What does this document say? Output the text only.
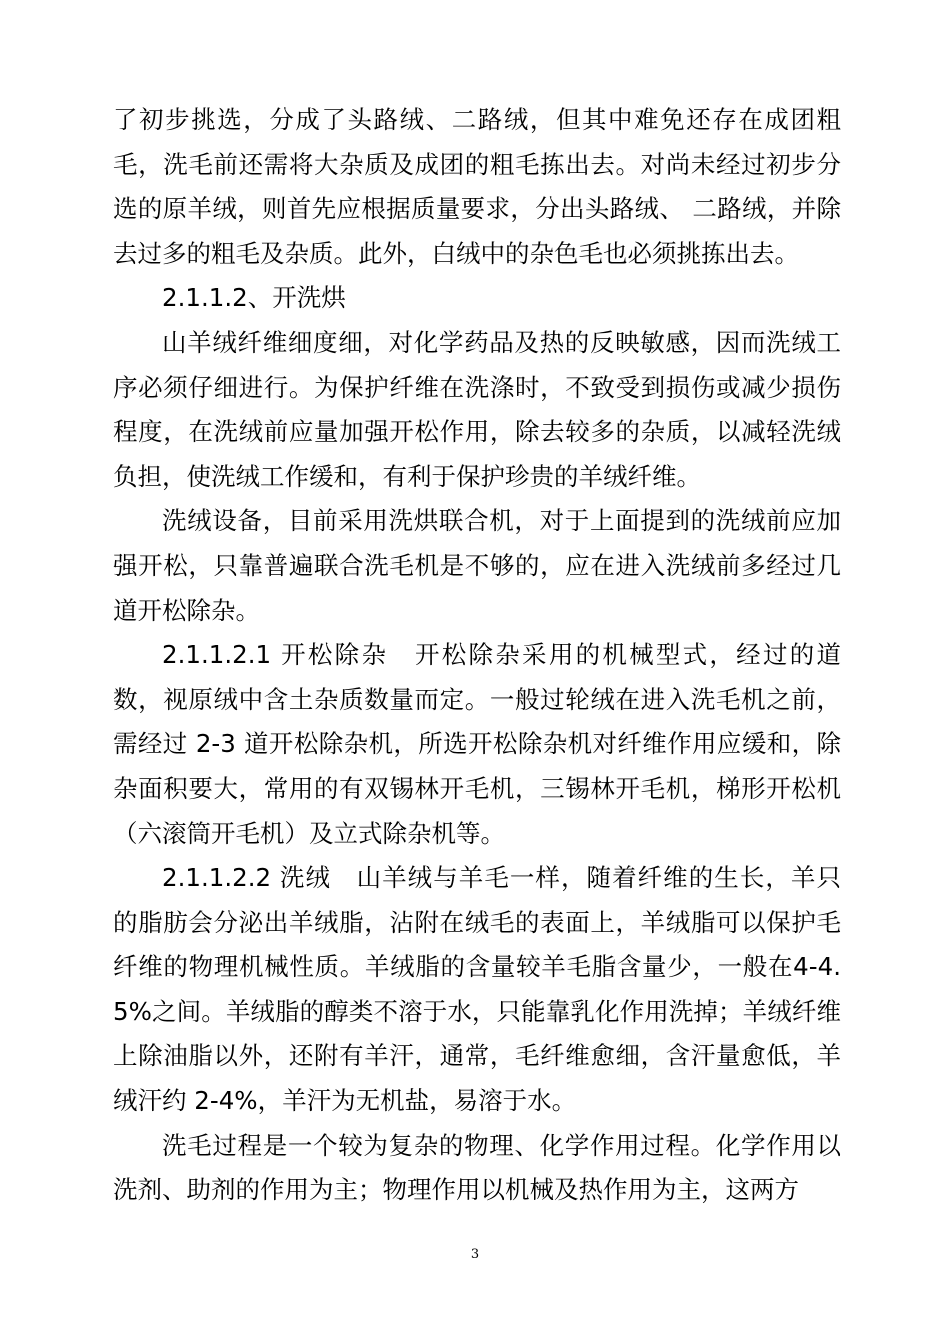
了初步挑选，分成了头路绒、二路绒，但其中难免还存在成团粗毛，洗毛前还需将大杂质及成团的粗毛拣出去。对尚未经过初步分选的原羊绒，则首先应根据质量要求，分出头路绒、 二路绒，并除去过多的粗毛及杂质。此外，白绒中的杂色毛也必须挑拣出去。

2.1.1.2、开洗烘

山羊绒纤维细度细，对化学药品及热的反映敏感，因而洗绒工序必须仔细进行。为保护纤维在洗涤时，不致受到损伤或减少损伤程度，在洗绒前应量加强开松作用，除去较多的杂质，以减轻洗绒负担，使洗绒工作缓和，有利于保护珍贵的羊绒纤维。

洗绒设备，目前采用洗烘联合机，对于上面提到的洗绒前应加强开松，只靠普遍联合洗毛机是不够的，应在进入洗绒前多经过几道开松除杂。

2.1.1.2.1 开松除杂　开松除杂采用的机械型式，经过的道数，视原绒中含土杂质数量而定。一般过轮绒在进入洗毛机之前，需经过 2-3 道开松除杂机，所选开松除杂机对纤维作用应缓和，除杂面积要大，常用的有双锡林开毛机，三锡林开毛机，梯形开松机（六滚筒开毛机）及立式除杂机等。

2.1.1.2.2 洗绒　山羊绒与羊毛一样，随着纤维的生长，羊只的脂肪会分泌出羊绒脂，沾附在绒毛的表面上，羊绒脂可以保护毛纤维的物理机械性质。羊绒脂的含量较羊毛脂含量少，一般在4-4.5%之间。羊绒脂的醇类不溶于水，只能靠乳化作用洗掉；羊绒纤维上除油脂以外，还附有羊汗，通常，毛纤维愈细，含汗量愈低，羊绒汗约 2-4%，羊汗为无机盐，易溶于水。

洗毛过程是一个较为复杂的物理、化学作用过程。化学作用以洗剂、助剂的作用为主；物理作用以机械及热作用为主，这两方

3
